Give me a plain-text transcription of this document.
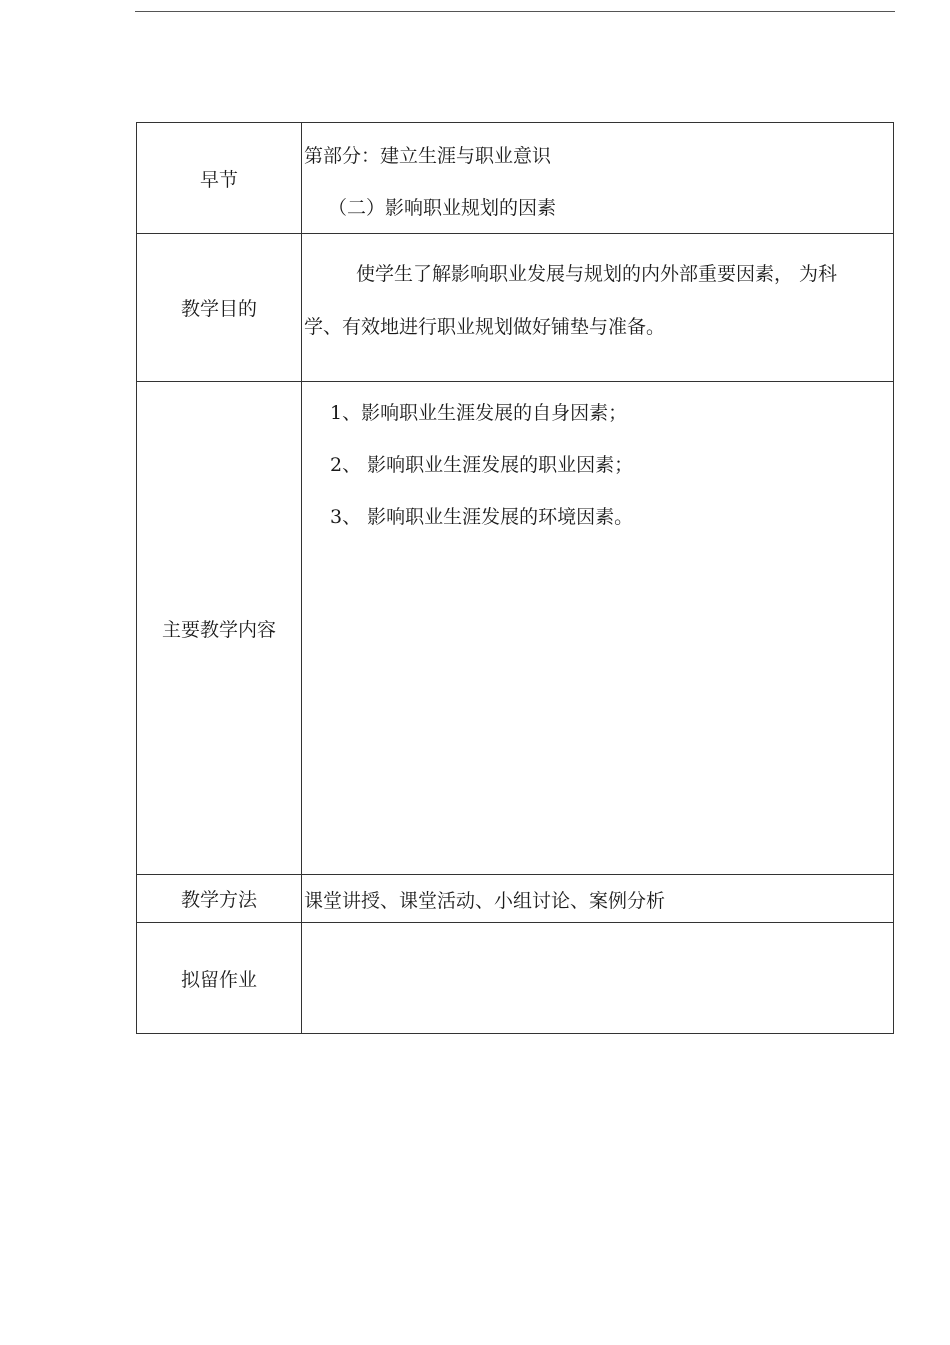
早节	第部分：建立生涯与职业意识
（二）影响职业规划的因素

教学目的	使学生了解影响职业发展与规划的内外部重要因素， 为科学、有效地进行职业规划做好铺垫与准备。

主要教学内容	1、影响职业生涯发展的自身因素；
2、 影响职业生涯发展的职业因素；
3、 影响职业生涯发展的环境因素。

教学方法	课堂讲授、课堂活动、小组讨论、案例分析

拟留作业	
